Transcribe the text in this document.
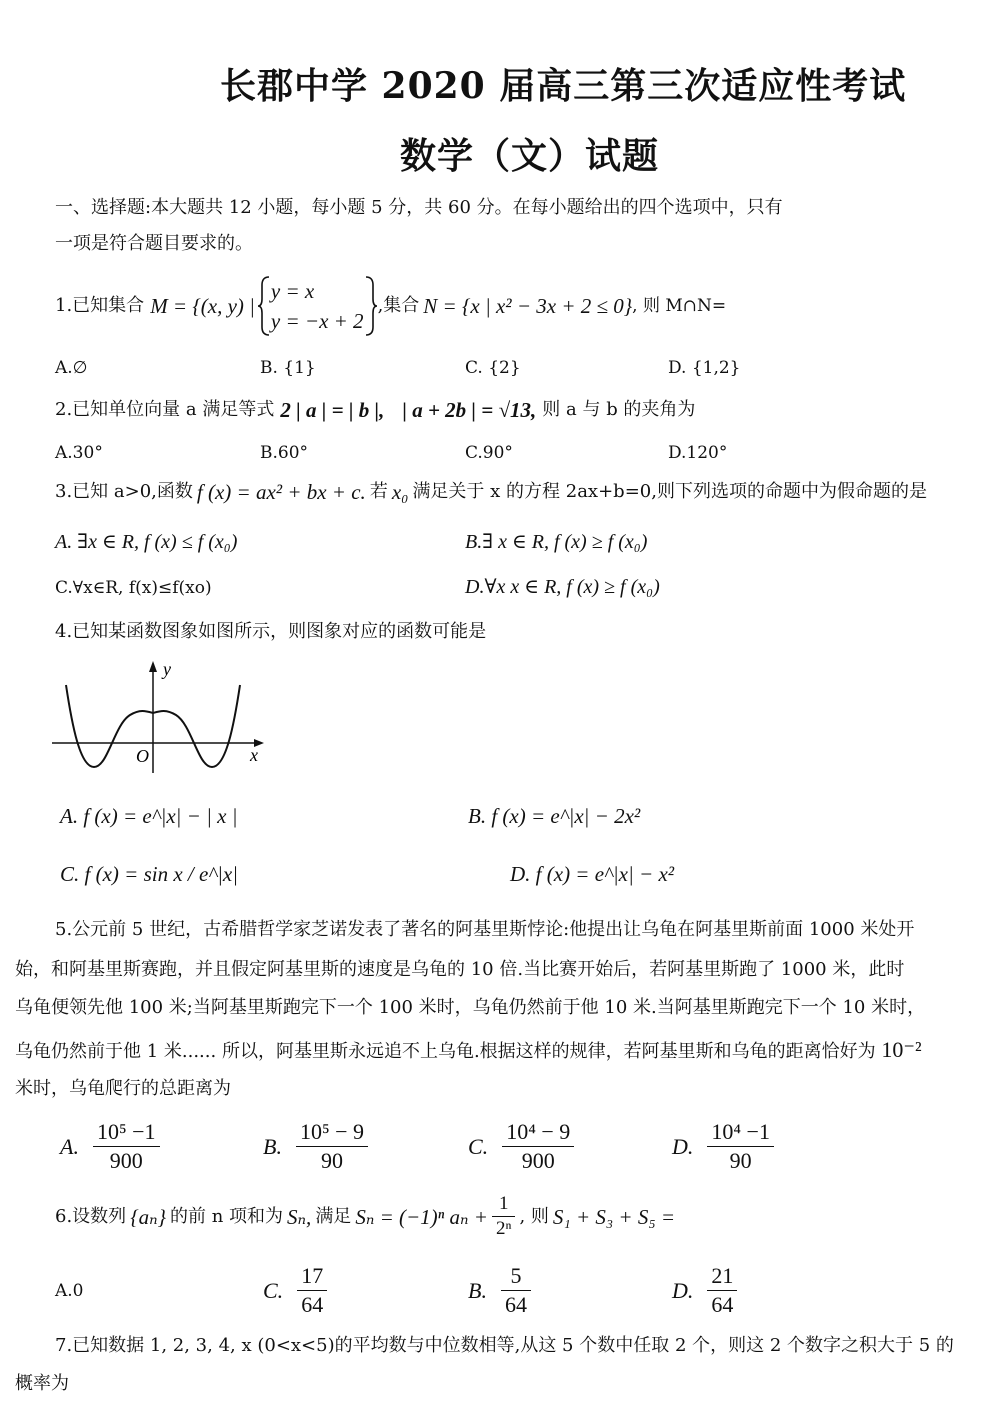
长郡中学 2020 届高三第三次适应性考试
数学（文）试题
一、选择题:本大题共 12 小题，每小题 5 分，共 60 分。在每小题给出的四个选项中，只有
一项是符合题目要求的。
1.已知集合 M = {(x, y) |
y = x
y = −x + 2
,集合 N = {x | x² − 3x + 2 ≤ 0} , 则 M∩N=
A.∅	B. {1}	C. {2}	D. {1,2}
2.已知单位向量 a 满足等式 2 | a | = | b |, | a + 2b | = √13, 则 a 与 b 的夹角为
A.30°	B.60°	C.90°	D.120°
3.已知 a>0,函数 f (x) = ax² + bx + c. 若 x₀ 满足关于 x 的方程 2ax+b=0,则下列选项的命题中为假命题的是
A. ∃x ∈ R, f (x) ≤ f (x₀)	B.∃ x ∈ R, f (x) ≥ f (x₀)
C.∀x∈R, f(x)≤f(xo)	D.∀x x ∈ R, f (x) ≥ f (x₀)
4.已知某函数图象如图所示，则图象对应的函数可能是
y
x
O
A. f (x) = e^|x| − | x |	B. f (x) = e^|x| − 2x²
C. f (x) = sin x / e^|x|	D. f (x) = e^|x| − x²
5.公元前 5 世纪，古希腊哲学家芝诺发表了著名的阿基里斯悖论:他提出让乌龟在阿基里斯前面 1000 米处开
始，和阿基里斯赛跑，并且假定阿基里斯的速度是乌龟的 10 倍.当比赛开始后，若阿基里斯跑了 1000 米，此时
乌龟便领先他 100 米;当阿基里斯跑完下一个 100 米时，乌龟仍然前于他 10 米.当阿基里斯跑完下一个 10 米时，
乌龟仍然前于他 1 米...... 所以，阿基里斯永远追不上乌龟.根据这样的规律，若阿基里斯和乌龟的距离恰好为 10⁻²
米时，乌龟爬行的总距离为
A. $\frac{\text{10⁵ −1}}{900}$	B. $\frac{\text{10⁵ − 9}}{90}$	C. $\frac{\text{10⁴ − 9}}{900}$	D. $\frac{\text{10⁴ −1}}{90}$
6.设数列 {aₙ} 的前 n 项和为 Sₙ, 满足 Sₙ = (−1)ⁿ $a_n + \frac{1}{\text{2ⁿ}}$ , 则 S₁ + S₃ + S₅ =
A.0	C. $\frac{17}{64}$	B. $\frac{5}{64}$	D. $\frac{21}{64}$
7.已知数据 1, 2, 3, 4, x (0<x<5)的平均数与中位数相等,从这 5 个数中任取 2 个，则这 2 个数字之积大于 5 的
概率为
